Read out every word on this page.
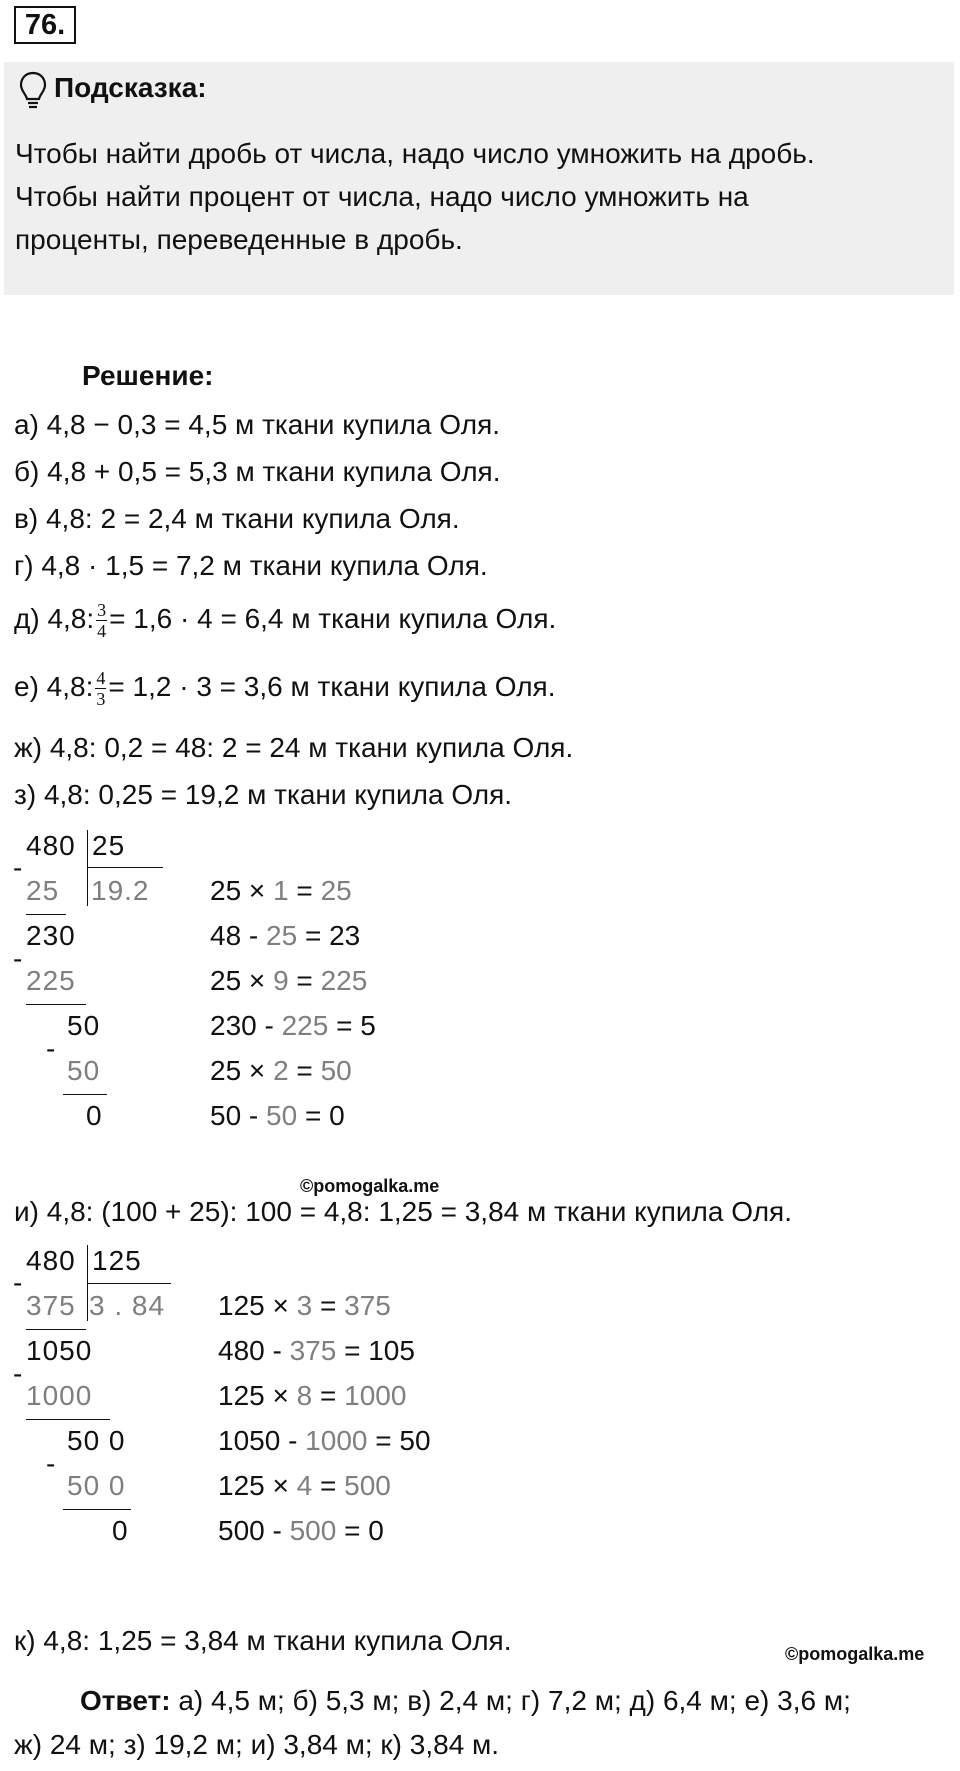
76.
Подсказка:
Чтобы найти дробь от числа, надо число умножить на дробь.
Чтобы найти процент от числа, надо число умножить на
проценты, переведенные в дробь.
Решение:
а) 4,8 − 0,3 = 4,5 м ткани купила Оля.
б) 4,8 + 0,5 = 5,3 м ткани купила Оля.
в) 4,8: 2 = 2,4 м ткани купила Оля.
г) 4,8 · 1,5 = 7,2 м ткани купила Оля.
д) 4,8: $\frac{3}{4} = 1,6 \cdot 4 = 6,4$ м ткани купила Оля.
е) 4,8: $\frac{4}{3} = 1,2 \cdot 3 = 3,6$ м ткани купила Оля.
ж) 4,8: 0,2 = 48: 2 = 24 м ткани купила Оля.
з) 4,8: 0,25 = 19,2 м ткани купила Оля.
480 25
19.2
-
25
230
-
225
50
-
50
0
25 × 1 = 25
48 - 25 = 23
25 × 9 = 225
230 - 225 = 5
25 × 2 = 50
50 - 50 = 0
©pomogalka.me
и) 4,8: (100 + 25): 100 = 4,8: 1,25 = 3,84 м ткани купила Оля.
480 125
3 . 84
-
375
1050
-
1000
50 0
-
50 0
0
125 × 3 = 375
480 - 375 = 105
125 × 8 = 1000
1050 - 1000 = 50
125 × 4 = 500
500 - 500 = 0
к) 4,8: 1,25 = 3,84 м ткани купила Оля.	©pomogalka.me
Ответ: а) 4,5 м; б) 5,3 м; в) 2,4 м; г) 7,2 м; д) 6,4 м; е) 3,6 м;
ж) 24 м; з) 19,2 м; и) 3,84 м; к) 3,84 м.
